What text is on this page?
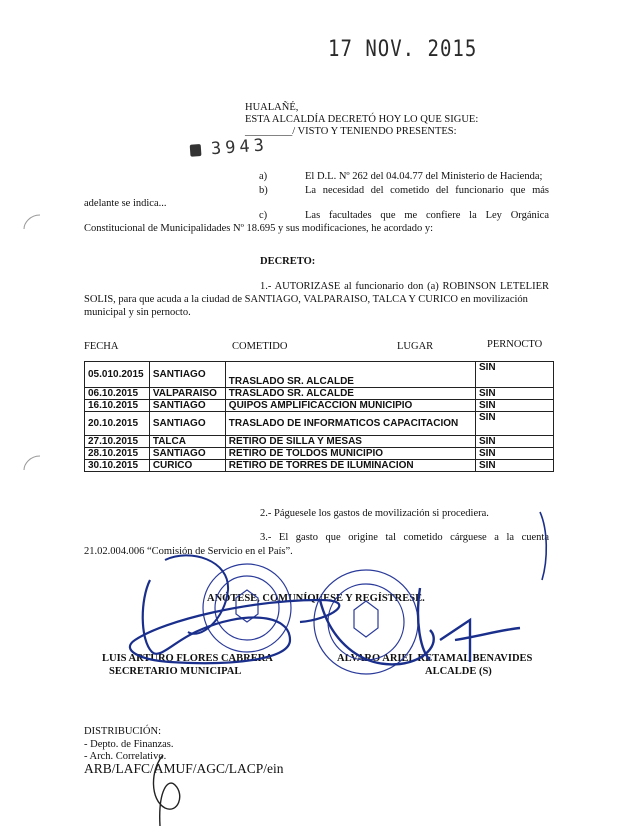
17 NOV. 2015
3943
HUALAÑÉ,
ESTA ALCALDÍA DECRETÓ HOY LO QUE SIGUE:
_________/ VISTO Y TENIENDO PRESENTES:
a)	El D.L. Nº 262 del 04.04.77 del Ministerio de Hacienda;
b)	La necesidad del cometido del funcionario que más
adelante se indica...
c)	Las facultades que me confiere la Ley Orgánica
Constitucional de Municipalidades Nº 18.695 y sus modificaciones, he acordado y:
DECRETO:
1.- AUTORIZASE al funcionario don (a) ROBINSON LETELIER
SOLIS, para que acuda a la ciudad de SANTIAGO, VALPARAISO, TALCA Y CURICO en movilización
municipal y sin pernocto.
FECHA	COMETIDO	LUGAR	PERNOCTO
05.010.2015	SANTIAGO	TRASLADO SR. ALCALDE	SIN
06.10.2015	VALPARAISO	TRASLADO SR. ALCALDE	SIN
16.10.2015	SANTIAGO	QUIPOS AMPLIFICACCION MUNICIPIO	SIN
20.10.2015	SANTIAGO	TRASLADO DE INFORMATICOS CAPACITACION	SIN
27.10.2015	TALCA	RETIRO DE SILLA Y MESAS	SIN
28.10.2015	SANTIAGO	RETIRO DE TOLDOS MUNICIPIO	SIN
30.10.2015	CURICO	RETIRO DE TORRES DE ILUMINACION	SIN
2.- Páguesele los gastos de movilización si procediera.
3.- El gasto que origine tal cometido cárguese a la cuenta
21.02.004.006 “Comisión de Servicio en el País”.
ANÓTESE, COMUNÍQUESE Y REGÍSTRESE.
LUIS ARTURO FLORES CABRERA
SECRETARIO MUNICIPAL
ALVARO ARIEL RETAMAL BENAVIDES
ALCALDE (S)
DISTRIBUCIÓN:
- Depto. de Finanzas.
- Arch. Correlativo.
ARB/LAFC/AMUF/AGC/LACP/ein
